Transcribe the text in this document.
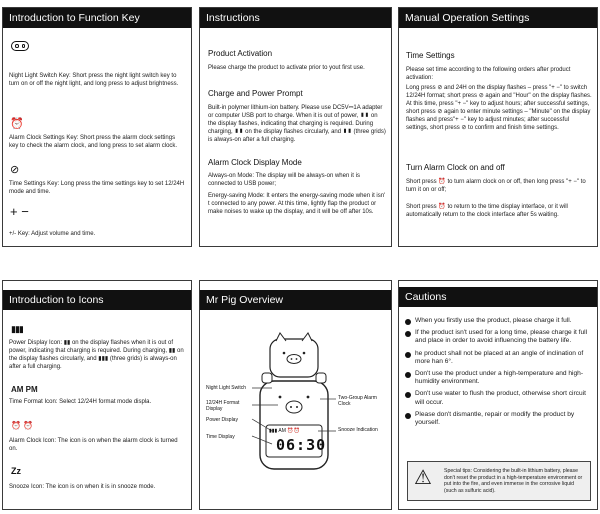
Introduction to Function Key
Night Light Switch Key: Short press the night light switch key to turn on or off the night light, and long press to adjust brightness.
⏰
Alarm Clock Settings Key: Short press the alarm clock settings key to check the alarm clock, and long press to set alarm clock.
⊘
Time Settings Key: Long press the time settings key to set 12/24H mode and time.
+ −
+/- Key: Adjust volume and time.
Instructions
Product Activation
Please charge the product to activate prior to yout first use.
Charge and Power Prompt
Built-in polymer lithium-ion battery. Please use DC5V⎓1A adapter or computer USB port to charge. When it is out of power, ▮▮ on the display flashes, indicating that charging is required. During charging, ▮▮ on the display flashes circularly, and ▮▮ (three grids) is always-on after a full charging.
Alarm Clock Display Mode
Always-on Mode: The display will be always-on when it is connected to USB power;
Energy-saving Mode: It enters the energy-saving mode when it isn' t connected to any power. At this time, lightly flap the product or make noises to wake up the display, and it will be off after 10s.
Manual Operation Settings
Time Settings
Please set time according to the following orders after product activation:
Long press ⊘ and 24H on the display flashes – press "+ −" to switch 12/24H format; short press ⊘ again and "Hour" on the display flashes. At this time, press "+ −" key to adjust hours; after successful settings, short press ⊘ again to enter minute settings – "Minute" on the display flashes and press"+ −" key to adjust minutes; after successful settings, short press ⊘ to confirm and finish time settings.
Turn Alarm Clock on and off
Short press ⏰ to turn alarm clock on or off, then long press "+ −" to turn it on or off;
Short press ⏰ to return to the time display interface, or it will automatically return to the clock interface after 5s waiting.
Introduction to Icons
▮▮▮
Power Display Icon: ▮▮ on the display flashes when it is out of power, indicating that charging is required. During charging, ▮▮ on the display flashes circularly, and ▮▮▮ (three grids) is always-on after a full charging.
AM PM
Time Format Icon: Select 12/24H format mode displa.
⏰ ⏰
Alarm Clock Icon: The icon is on when the alarm clock is turned on.
Zz
Snooze Icon: The icon is on when it is in snooze mode.
Mr Pig Overview
▮▮▮ AM ⏰⏰
06:30
Night Light Switch
12/24H Format Display
Power Display
Time Display
Two-Group Alarm Clock
Snooze Indication
Cautions
When you firstly use the product, please charge it full.
If the product isn't used for a long time, please charge it full and place in order to avoid influencing the battery life.
he product shall not be placed at an angle of inclination of more han 6°.
Don't use the product under a high-temperature and high-humidity environment.
Don't use water to flush the product, otherwise short circuit will occur.
Please don't dismantle, repair or modify the product by yourself.
⚠ Special tips: Considering the built-in lithium battery, please don't reset the product in a high-temperature environment or put into the fire, and even immerse in the corrosive liquid (such as sulfuric acid).
